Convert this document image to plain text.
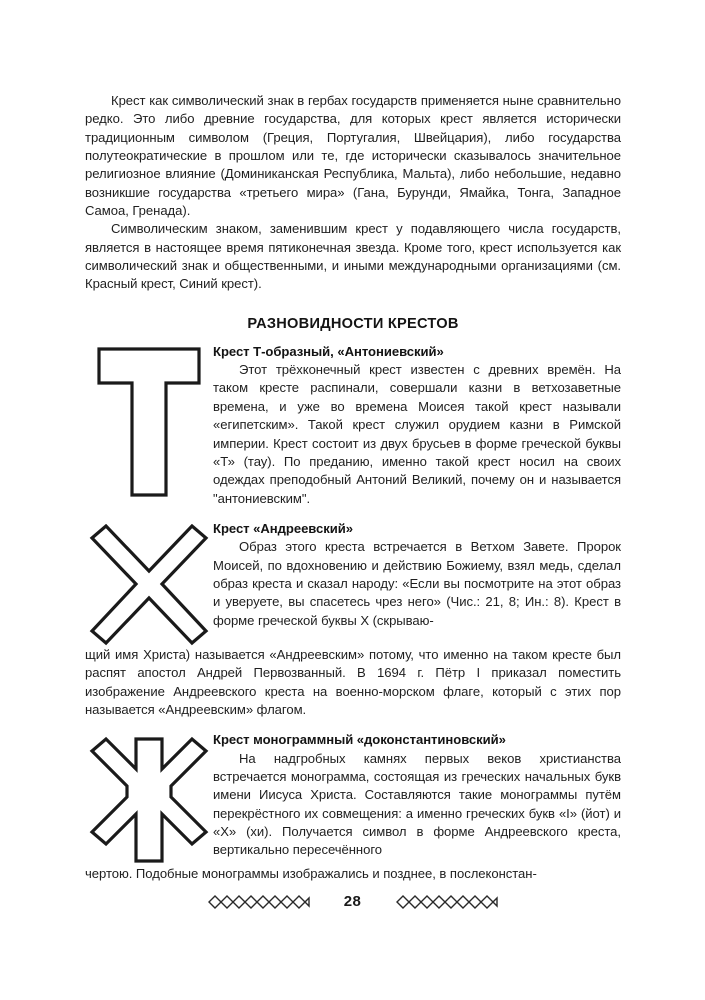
Крест как символический знак в гербах государств применяется ныне сравнительно редко. Это либо древние государства, для которых крест является исторически традиционным символом (Греция, Португалия, Швейцария), либо государства полутеократические в прошлом или те, где исторически сказывалось значительное религиозное влияние (Доминиканская Республика, Мальта), либо небольшие, недавно возникшие государства «третьего мира» (Гана, Бурунди, Ямайка, Тонга, Западное Самоа, Гренада).

Символическим знаком, заменившим крест у подавляющего числа государств, является в настоящее время пятиконечная звезда. Кроме того, крест используется как символический знак и общественными, и иными международными организациями (см. Красный крест, Синий крест).

РАЗНОВИДНОСТИ КРЕСТОВ

Крест Т-образный, «Антониевский»

Этот трёхконечный крест известен с древних времён. На таком кресте распинали, совершали казни в ветхозаветные времена, и уже во времена Моисея такой крест называли «египетским». Такой крест служил орудием казни в Римской империи. Крест состоит из двух брусьев в форме греческой буквы «Т» (тау). По преданию, именно такой крест носил на своих одеждах преподобный Антоний Великий, почему он и называется "антониевским".

Крест «Андреевский»

Образ этого креста встречается в Ветхом Завете. Пророк Моисей, по вдохновению и действию Божиему, взял медь, сделал образ креста и сказал народу: «Если вы посмотрите на этот образ и уверуете, вы спасетесь чрез него» (Чис.: 21, 8; Ин.: 8). Крест в форме греческой буквы Х (скрываю-

щий имя Христа) называется «Андреевским» потому, что именно на таком кресте был распят апостол Андрей Первозванный. В 1694 г. Пётр I приказал поместить изображение Андреевского креста на военно-морском флаге, который с этих пор называется «Андреевским» флагом.

Крест монограммный «доконстантиновский»

На надгробных камнях первых веков христианства встречается монограмма, состоящая из греческих начальных букв имени Иисуса Христа. Составляются такие монограммы путём перекрёстного их совмещения: а именно греческих букв «I» (йот) и «Х» (хи). Получается символ в форме Андреевского креста, вертикально пересечённого

чертою. Подобные монограммы изображались и позднее, в послеконстан-

28
